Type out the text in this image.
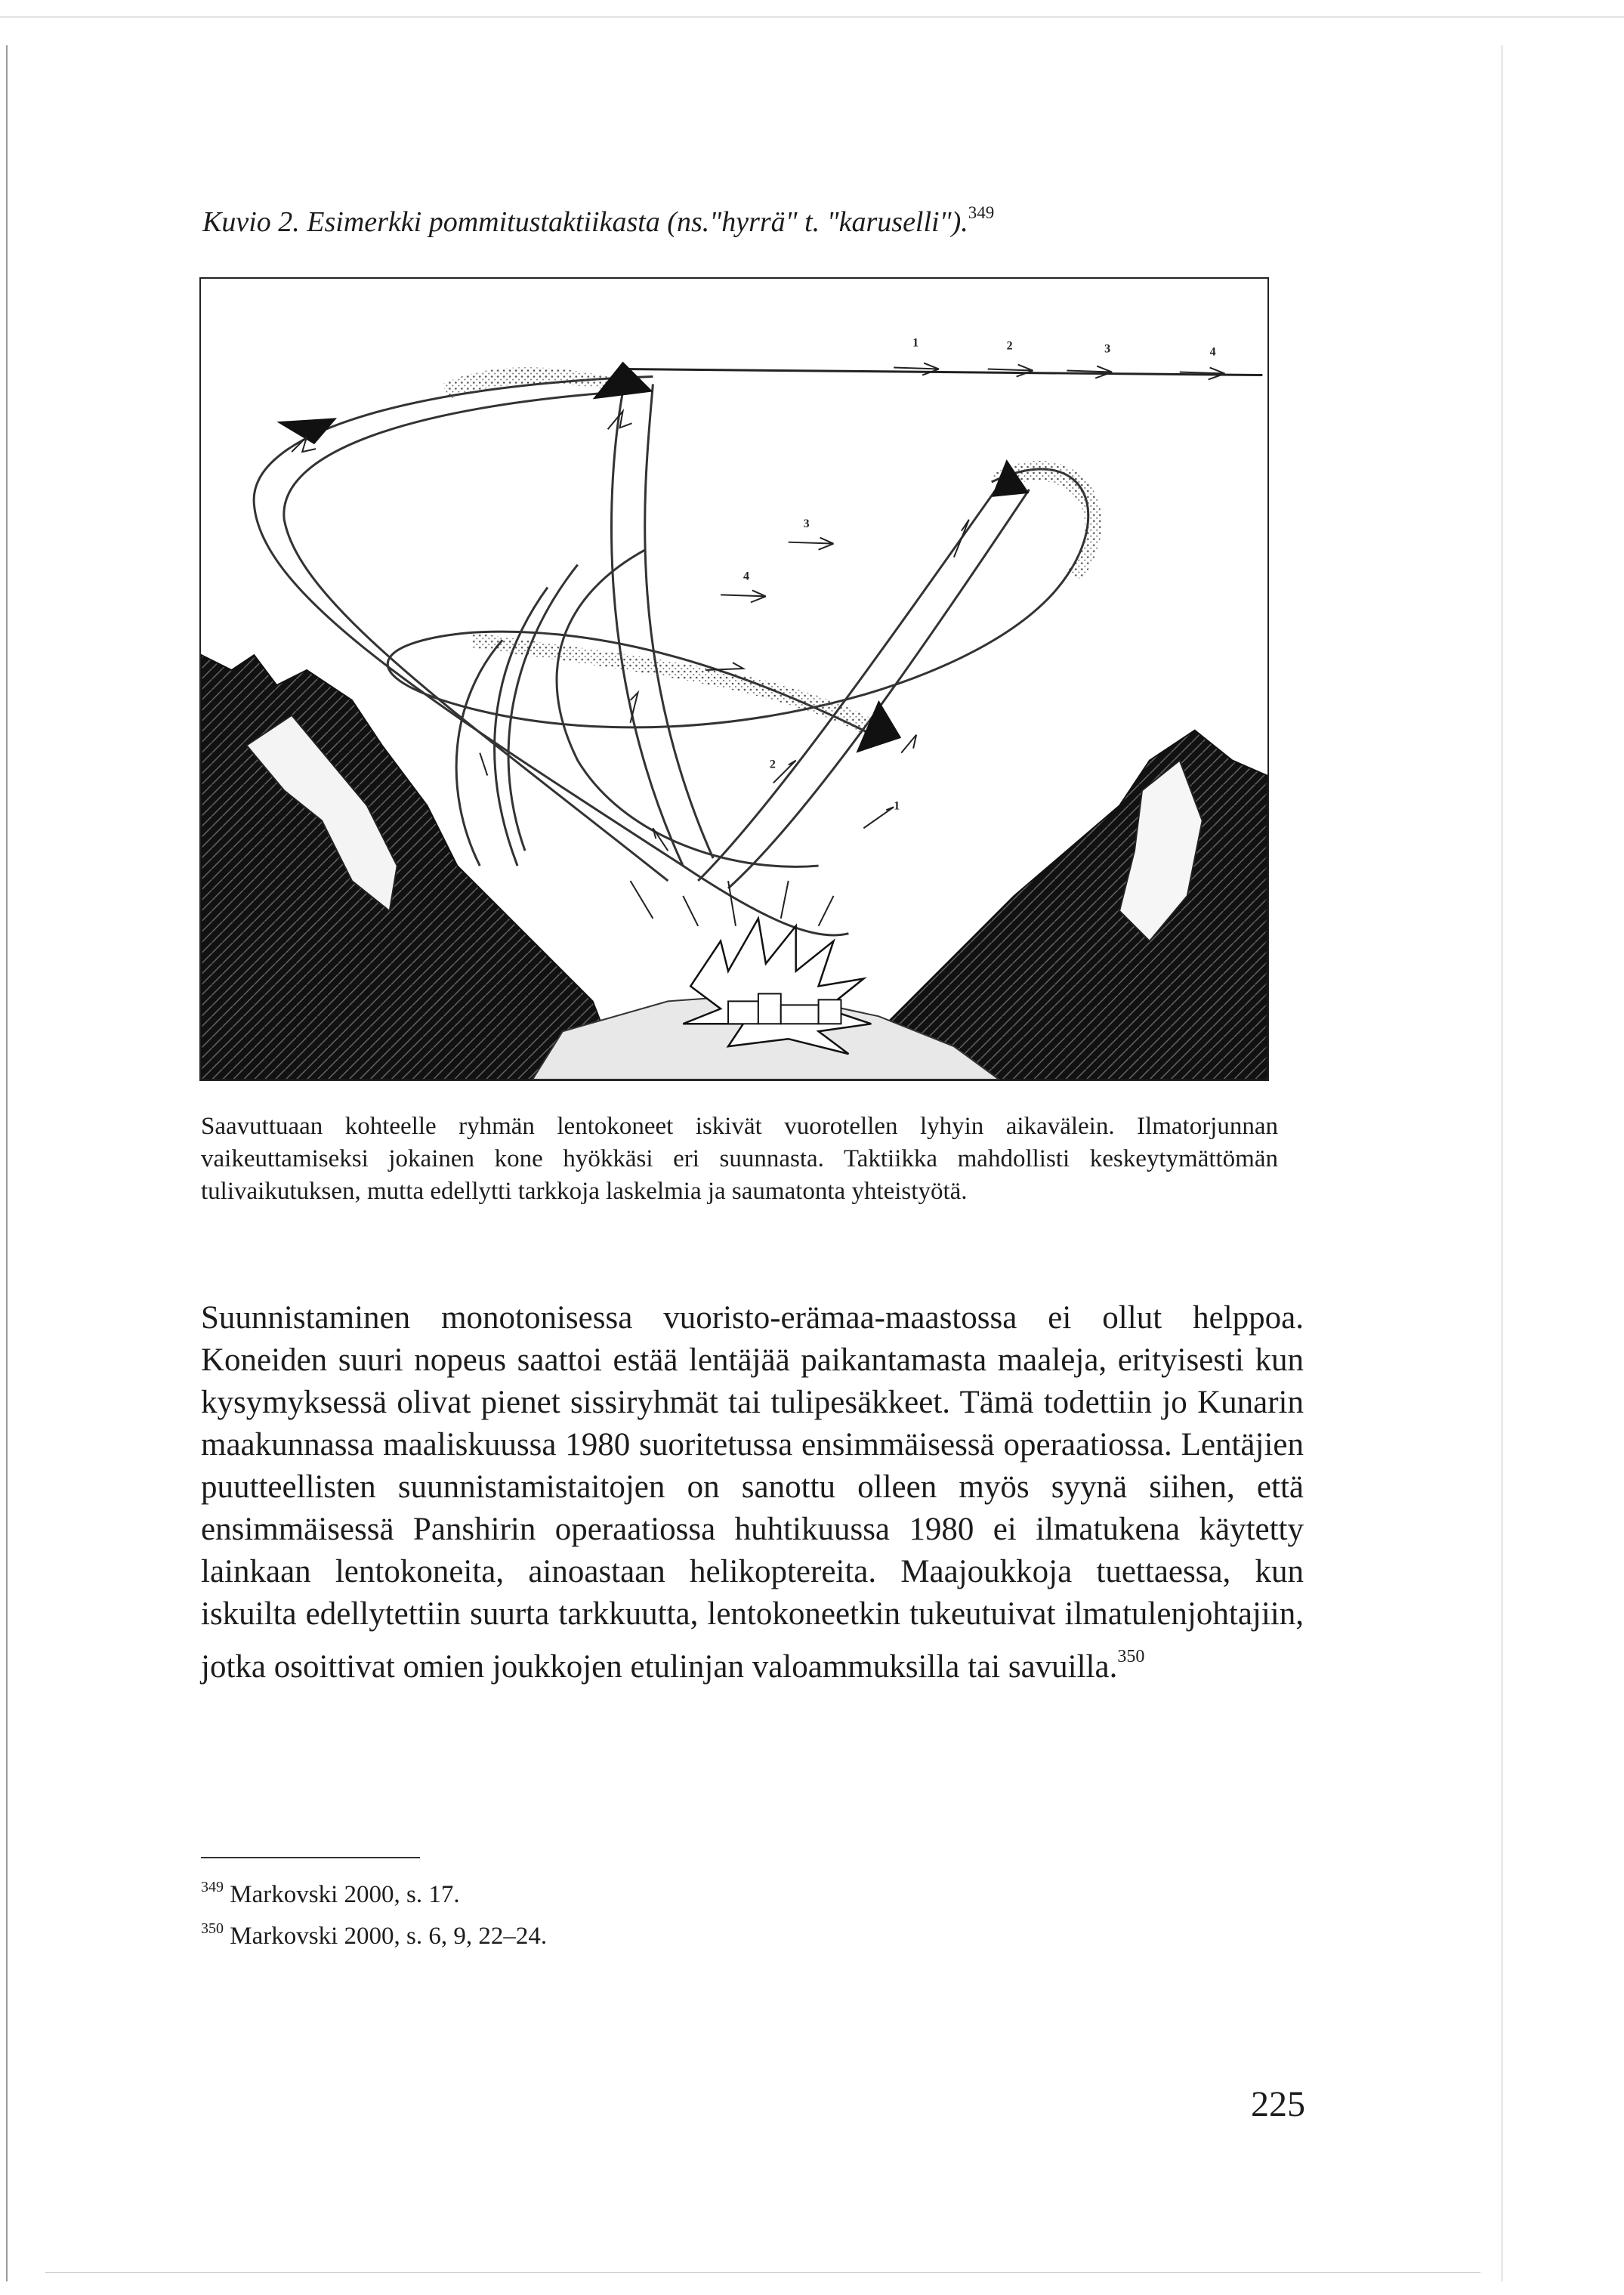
Kuvio 2. Esimerkki pommitustaktiikasta (ns."hyrrä" t. "karuselli").$^{349}$
1	2	3	4
3
4
2
1
Saavuttuaan kohteelle ryhmän lentokoneet iskivät vuorotellen lyhyin aikavälein. Ilmatorjunnan vaikeuttamiseksi jokainen kone hyökkäsi eri suunnasta. Taktiikka mahdollisti keskeytymättömän tulivaikutuksen, mutta edellytti tarkkoja laskelmia ja saumatonta yhteistyötä.
Suunnistaminen monotonisessa vuoristo-erämaa-maastossa ei ollut helppoa. Koneiden suuri nopeus saattoi estää lentäjää paikantamasta maaleja, erityisesti kun kysymyksessä olivat pienet sissiryhmät tai tulipesäkkeet. Tämä todettiin jo Kunarin maakunnassa maaliskuussa 1980 suoritetussa ensimmäisessä operaatiossa. Lentäjien puutteellisten suunnistamistaitojen on sanottu olleen myös syynä siihen, että ensimmäisessä Panshirin operaatiossa huhtikuussa 1980 ei ilmatukena käytetty lainkaan lentokoneita, ainoastaan helikoptereita. Maajoukkoja tuettaessa, kun iskuilta edellytettiin suurta tarkkuutta, lentokoneetkin tukeutuivat ilmatulenjohtajiin, jotka osoittivat omien joukkojen etulinjan valoammuksilla tai savuilla.$^{350}$
$^{349}$ Markovski 2000, s. 17.
$^{350}$ Markovski 2000, s. 6, 9, 22–24.
225
